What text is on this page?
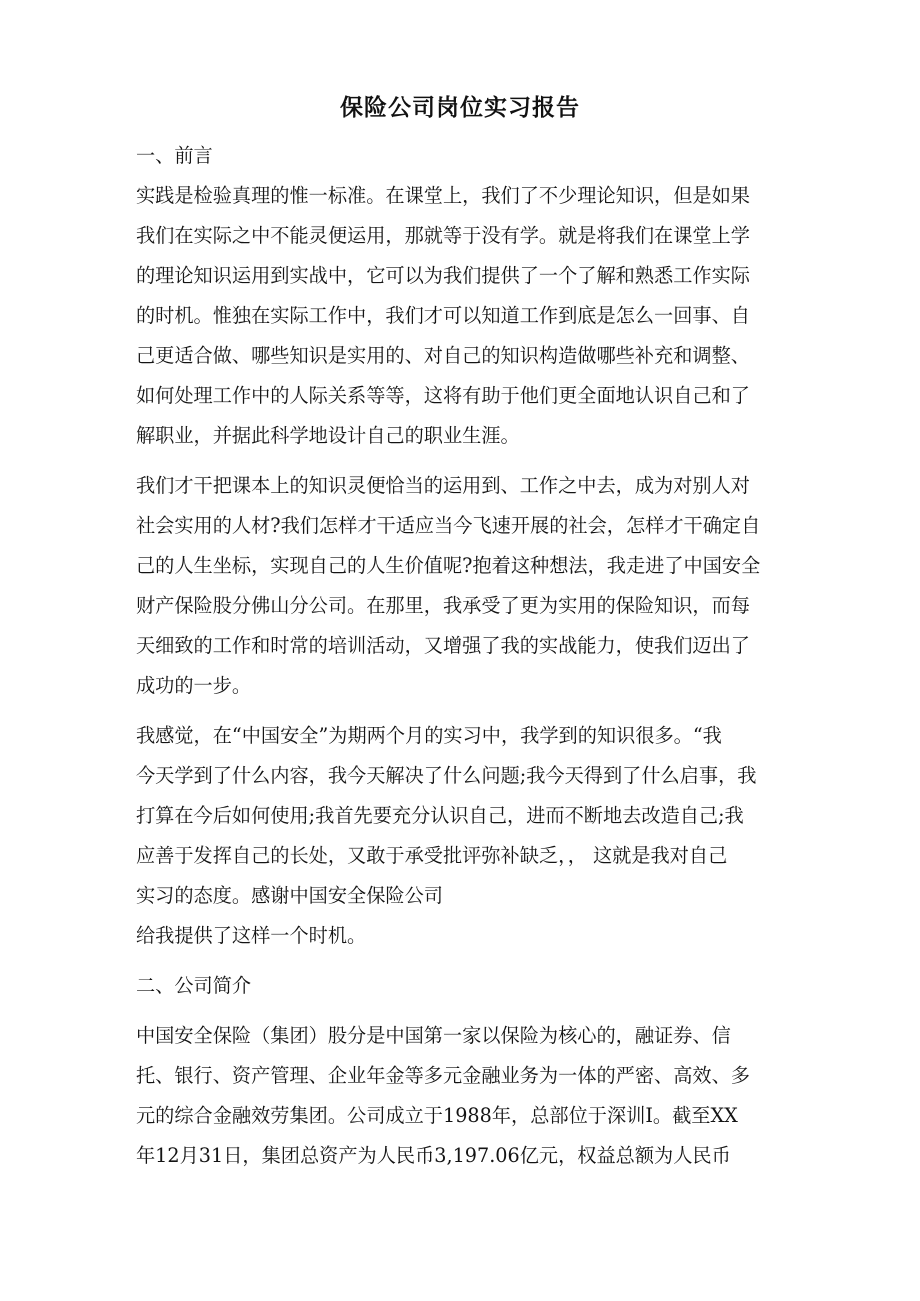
保险公司岗位实习报告
一、前言
实践是检验真理的惟一标准。在课堂上，我们了不少理论知识，但是如果
我们在实际之中不能灵便运用，那就等于没有学。就是将我们在课堂上学
的理论知识运用到实战中，它可以为我们提供了一个了解和熟悉工作实际
的时机。惟独在实际工作中，我们才可以知道工作到底是怎么一回事、自
己更适合做、哪些知识是实用的、对自己的知识构造做哪些补充和调整、
如何处理工作中的人际关系等等，这将有助于他们更全面地认识自己和了
解职业，并据此科学地设计自己的职业生涯。
我们才干把课本上的知识灵便恰当的运用到、工作之中去，成为对别人对
社会实用的人材?我们怎样才干适应当今飞速开展的社会，怎样才干确定自
己的人生坐标，实现自己的人生价值呢?抱着这种想法，我走进了中国安全
财产保险股分佛山分公司。在那里，我承受了更为实用的保险知识，而每
天细致的工作和时常的培训活动，又增强了我的实战能力，使我们迈出了
成功的一步。
我感觉，在“中国安全”为期两个月的实习中，我学到的知识很多。“我
今天学到了什么内容，我今天解决了什么问题;我今天得到了什么启事，我
打算在今后如何使用;我首先要充分认识自己，进而不断地去改造自己;我
应善于发挥自己的长处，又敢于承受批评弥补缺乏，， 这就是我对自己
实习的态度。感谢中国安全保险公司
给我提供了这样一个时机。
二、公司简介
中国安全保险（集团）股分是中国第一家以保险为核心的，融证券、信
托、银行、资产管理、企业年金等多元金融业务为一体的严密、高效、多
元的综合金融效劳集团。公司成立于1988年，总部位于深训I。截至XX
年12月31日，集团总资产为人民币3,197.06亿元，权益总额为人民币
